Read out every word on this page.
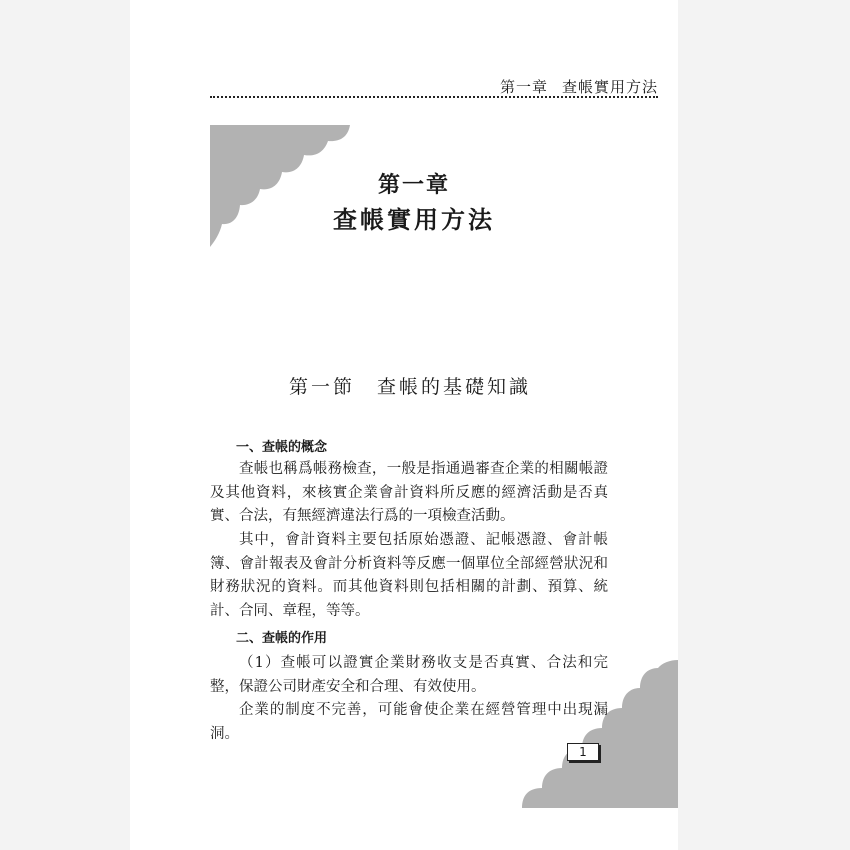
第一章 查帳實用方法
第一章
查帳實用方法
第一節 查帳的基礎知識
一、查帳的概念
查帳也稱爲帳務檢查，一般是指通過審查企業的相關帳證及其他資料，來核實企業會計資料所反應的經濟活動是否真實、合法，有無經濟違法行爲的一項檢查活動。
其中，會計資料主要包括原始憑證、記帳憑證、會計帳簿、會計報表及會計分析資料等反應一個單位全部經營狀況和財務狀況的資料。而其他資料則包括相關的計劃、預算、統計、合同、章程，等等。
二、查帳的作用
（1）查帳可以證實企業財務收支是否真實、合法和完整，保證公司財產安全和合理、有效使用。
企業的制度不完善，可能會使企業在經營管理中出現漏洞。
1
